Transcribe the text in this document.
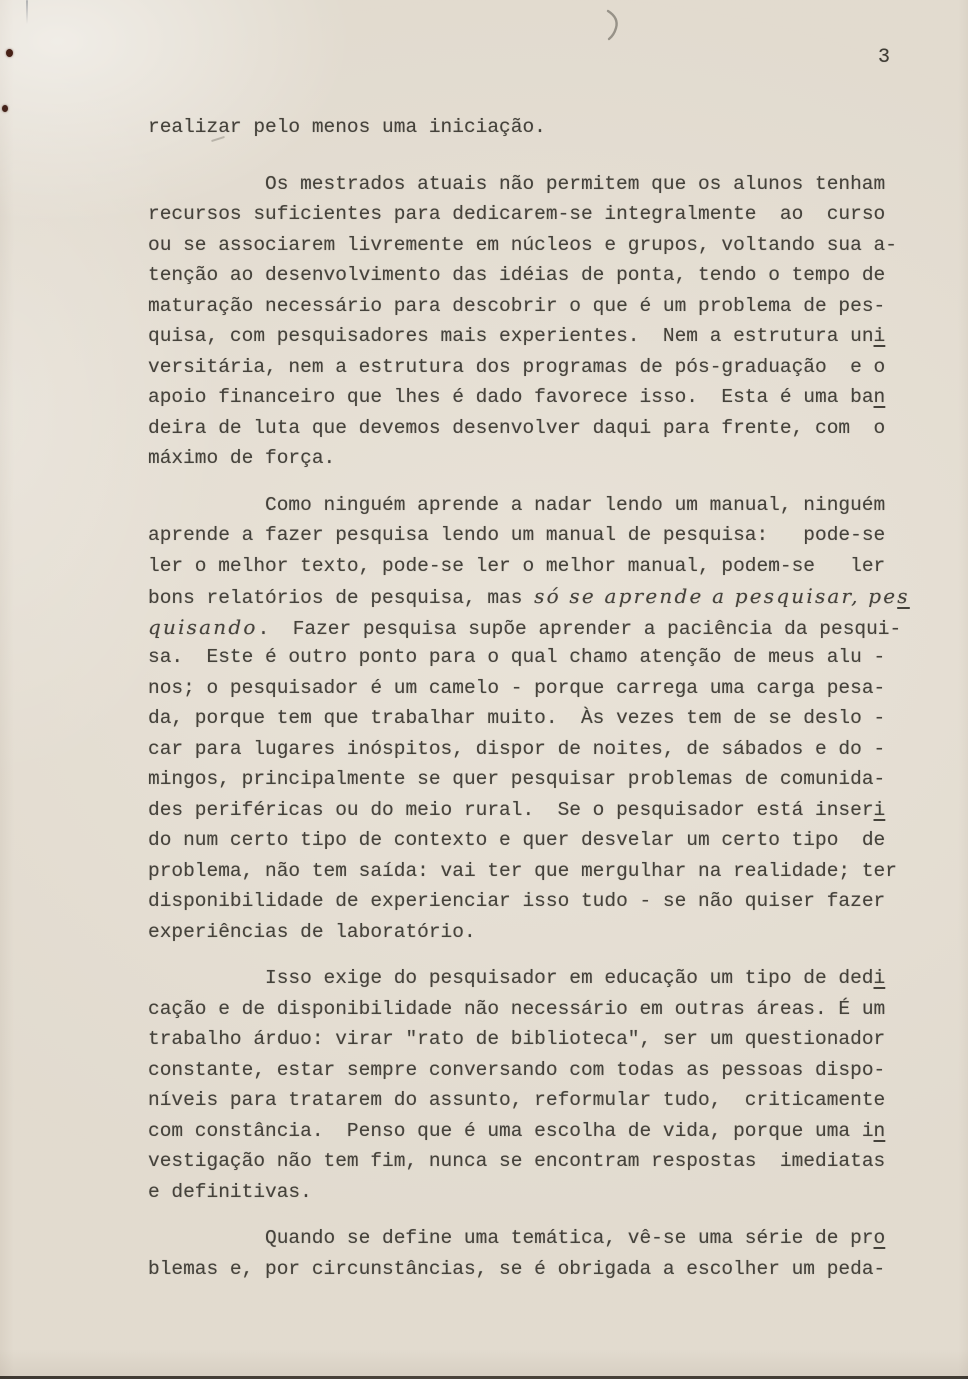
3
realizar pelo menos uma iniciação.
Os mestrados atuais não permitem que os alunos tenham
recursos suficientes para dedicarem-se integralmente  ao  curso
ou se associarem livremente em núcleos e grupos, voltando sua a-
tenção ao desenvolvimento das idéias de ponta, tendo o tempo de
maturação necessário para descobrir o que é um problema de pes-
quisa, com pesquisadores mais experientes.  Nem a estrutura uni
versitária, nem a estrutura dos programas de pós-graduação  e o
apoio financeiro que lhes é dado favorece isso.  Esta é uma ban
deira de luta que devemos desenvolver daqui para frente, com  o
máximo de força.
Como ninguém aprende a nadar lendo um manual, ninguém
aprende a fazer pesquisa lendo um manual de pesquisa:   pode-se
ler o melhor texto, pode-se ler o melhor manual, podem-se   ler
bons relatórios de pesquisa, mas só se aprende a pesquisar, pes
quisando.  Fazer pesquisa supõe aprender a paciência da pesqui-
sa.  Este é outro ponto para o qual chamo atenção de meus alu -
nos; o pesquisador é um camelo - porque carrega uma carga pesa-
da, porque tem que trabalhar muito.  Às vezes tem de se deslo -
car para lugares inóspitos, dispor de noites, de sábados e do -
mingos, principalmente se quer pesquisar problemas de comunida-
des periféricas ou do meio rural.  Se o pesquisador está inseri
do num certo tipo de contexto e quer desvelar um certo tipo  de
problema, não tem saída: vai ter que mergulhar na realidade; ter
disponibilidade de experienciar isso tudo - se não quiser fazer
experiências de laboratório.
Isso exige do pesquisador em educação um tipo de dedi
cação e de disponibilidade não necessário em outras áreas. É um
trabalho árduo: virar "rato de biblioteca", ser um questionador
constante, estar sempre conversando com todas as pessoas dispo-
níveis para tratarem do assunto, reformular tudo,  criticamente
com constância.  Penso que é uma escolha de vida, porque uma in
vestigação não tem fim, nunca se encontram respostas  imediatas
e definitivas.
Quando se define uma temática, vê-se uma série de pro
blemas e, por circunstâncias, se é obrigada a escolher um peda-
